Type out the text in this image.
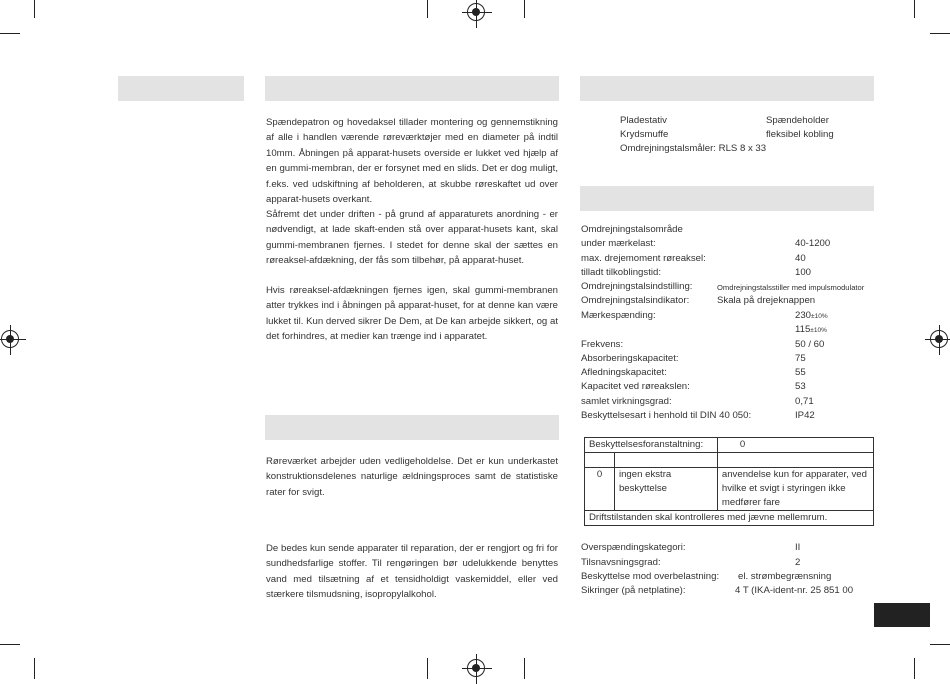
Spændepatron og hovedaksel tillader montering og gennemstikning af alle i handlen værende røreværktøjer med en diameter på indtil 10mm. Åbningen på apparat-husets overside er lukket ved hjælp af en gummi-membran, der er forsynet med en slids. Det er dog muligt, f.eks. ved udskiftning af beholderen, at skubbe røreskaftet ud over apparat-husets overkant.
Såfremt det under driften - på grund af apparaturets anordning - er nødvendigt, at lade skaft-enden stå over apparat-husets kant, skal gummi-membranen fjernes. I stedet for denne skal der sættes en røreaksel-afdækning, der fås som tilbehør, på apparat-huset.
Hvis røreaksel-afdækningen fjernes igen, skal gummi-membranen atter trykkes ind i åbningen på apparat-huset, for at denne kan være lukket til. Kun derved sikrer De Dem, at De kan arbejde sikkert, og at det forhindres, at medier kan trænge ind i apparatet.
Røreværket arbejder uden vedligeholdelse. Det er kun underkastet konstruktionsdelenes naturlige ældningsproces samt de statistiske rater for svigt.
De bedes kun sende apparater til reparation, der er rengjort og fri for sundhedsfarlige stoffer. Til rengøringen bør udelukkende benyttes vand med tilsætning af et tensidholdigt vaskemiddel, eller ved stærkere tilsmudsning, isopropylalkohol.
Pladestativ	Spændeholder
Krydsmuffe	fleksibel kobling
Omdrejningstalsmåler: RLS 8 x 33
Omdrejningstalsområde
under mærkelast:	40-1200
max. drejemoment røreaksel:	40
tilladt tilkoblingstid:	100
Omdrejningstalsindstilling:	Omdrejningstalsstiller med impulsmodulator
Omdrejningstalsindikator:	Skala på drejeknappen
Mærkespænding:	230±10%
115±10%
Frekvens:	50 / 60
Absorberingskapacitet:	75
Afledningskapacitet:	55
Kapacitet ved røreakslen:	53
samlet virkningsgrad:	0,71
Beskyttelsesart i henhold til DIN 40 050:	IP42
Beskyttelsesforanstaltning:		0

0	ingen ekstra beskyttelse	anvendelse kun for apparater, ved hvilke et svigt i styringen ikke medfører fare
Driftstilstanden skal kontrolleres med jævne mellemrum.		
Overspændingskategori:	II
Tilsnavsningsgrad:	2
Beskyttelse mod overbelastning: el. strømbegrænsning
Sikringer (på netplatine):	4 T (IKA-ident-nr. 25 851 00
